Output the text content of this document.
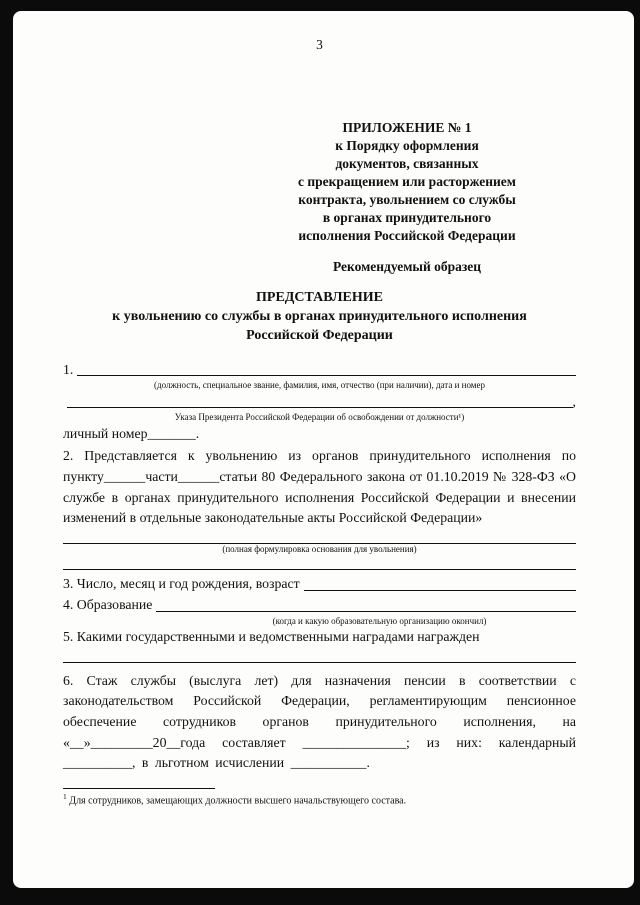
3
ПРИЛОЖЕНИЕ № 1
к Порядку оформления
документов, связанных
с прекращением или расторжением
контракта, увольнением со службы
в органах принудительного
исполнения Российской Федерации
Рекомендуемый образец
ПРЕДСТАВЛЕНИЕ
к увольнению со службы в органах принудительного исполнения
Российской Федерации
1.
(должность, специальное звание, фамилия, имя, отчество (при наличии), дата и номер
,
Указа Президента Российской Федерации об освобождении от должности¹)
личный номер_______.

2. Представляется к увольнению из органов принудительного исполнения по пункту______части______статьи 80 Федерального закона от 01.10.2019 № 328-ФЗ «О службе в органах принудительного исполнения Российской Федерации и внесении изменений в отдельные законодательные акты Российской Федерации»

(полная формулировка основания для увольнения)
3. Число, месяц и год рождения, возраст
4. Образование
(когда и какую образовательную организацию окончил)
5. Какими государственными и ведомственными наградами награжден

6. Стаж службы (выслуга лет) для назначения пенсии в соответствии с законодательством Российской Федерации, регламентирующим пенсионное обеспечение сотрудников органов принудительного исполнения, на «__»_________20__года составляет _______________; из них: календарный __________, в льготном исчислении ___________.

$^1$ Для сотрудников, замещающих должности высшего начальствующего состава.
